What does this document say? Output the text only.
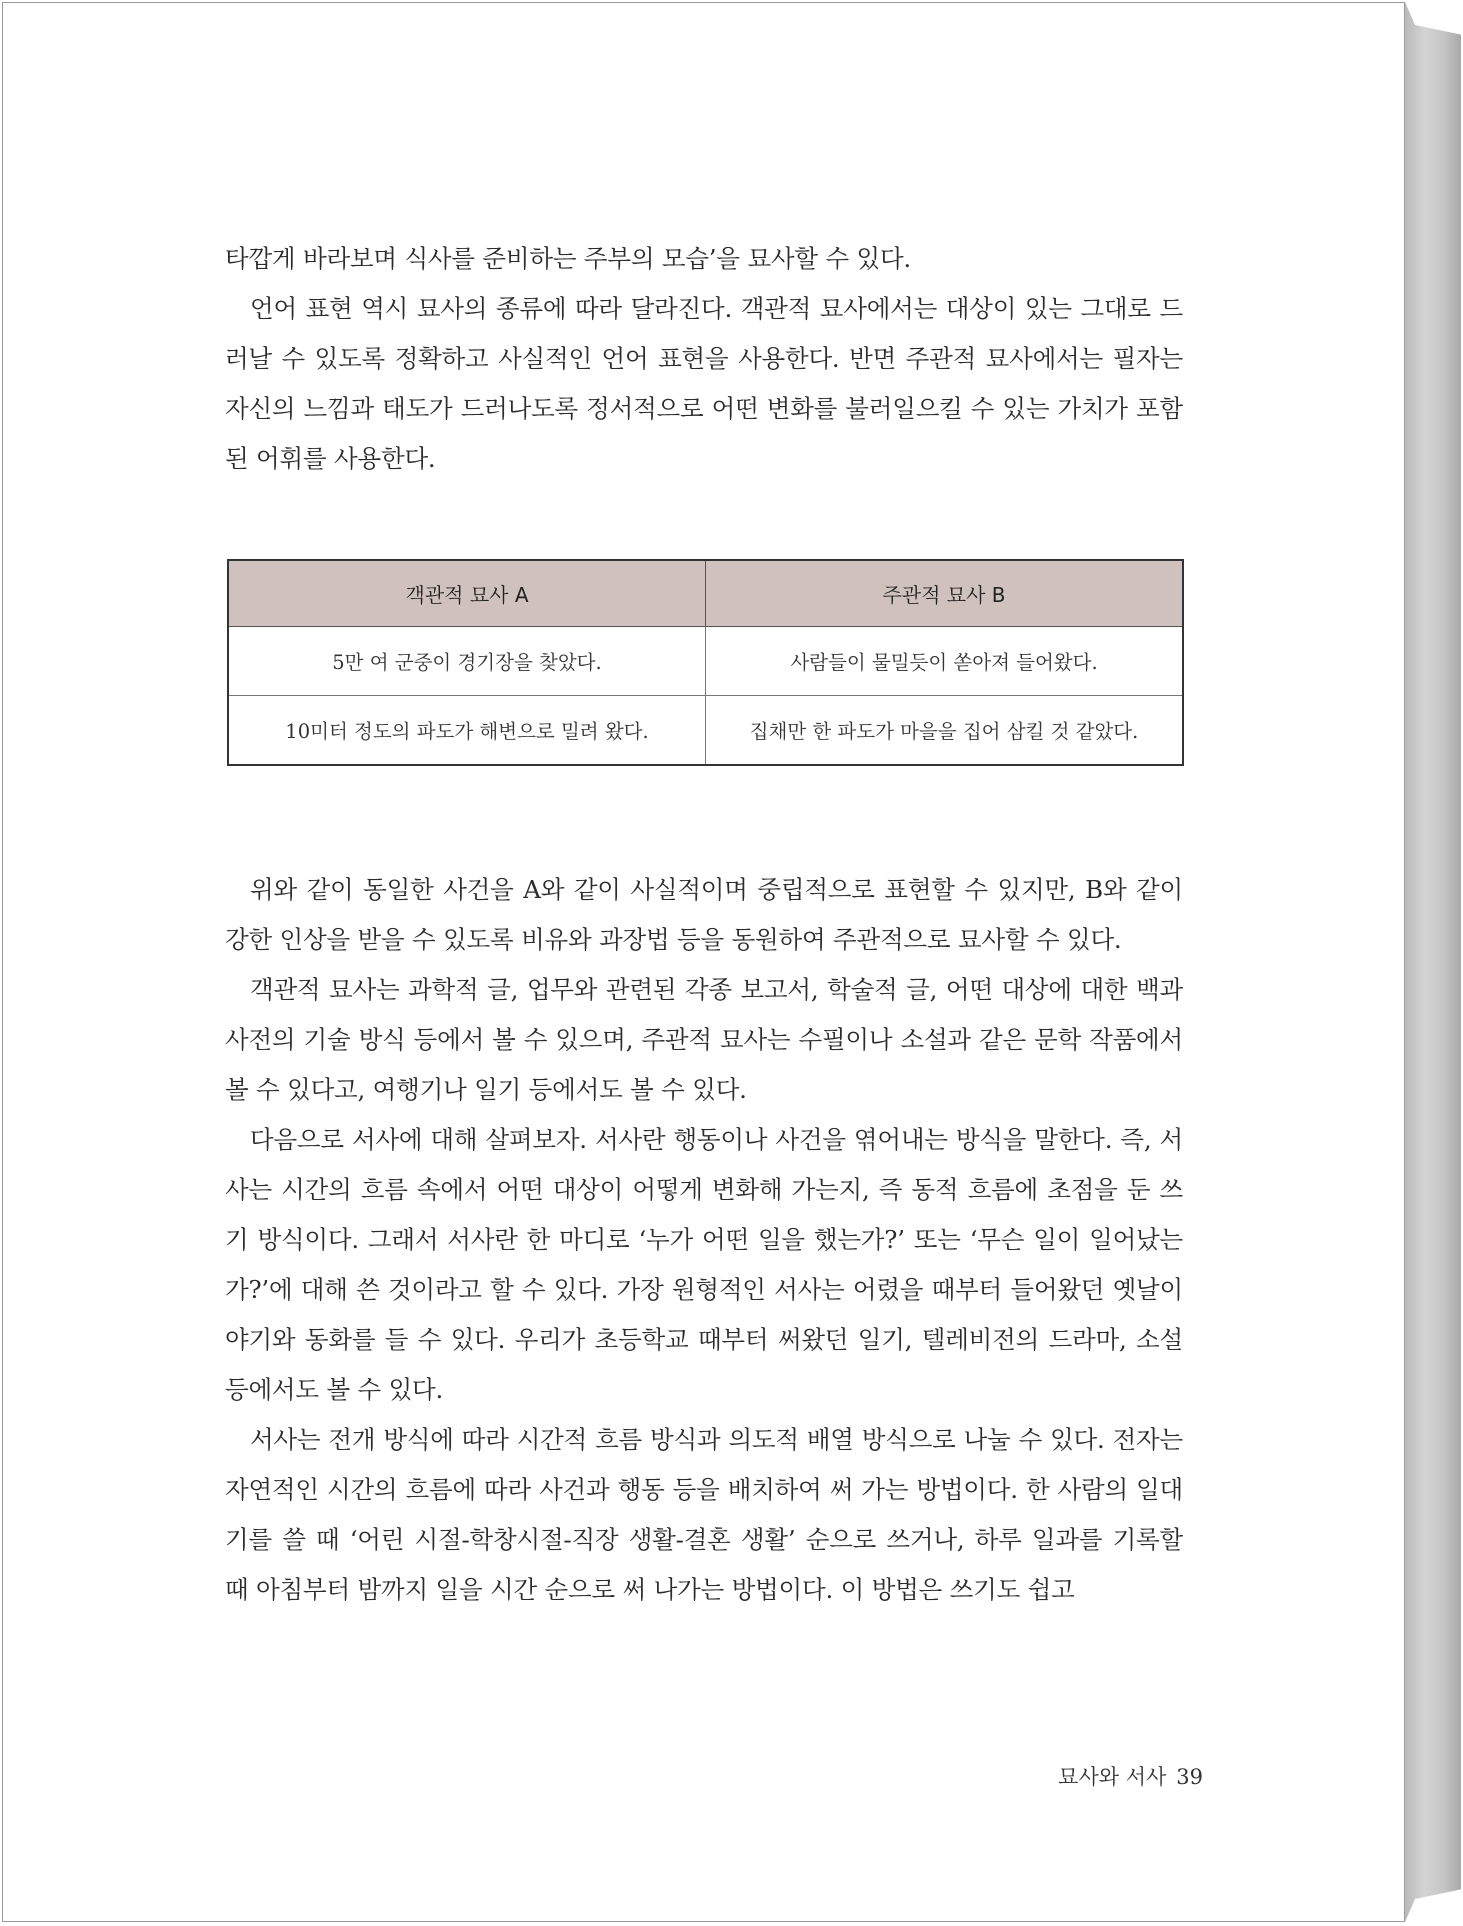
타깝게 바라보며 식사를 준비하는 주부의 모습’을 묘사할 수 있다.

언어 표현 역시 묘사의 종류에 따라 달라진다. 객관적 묘사에서는 대상이 있는 그대로 드러날 수 있도록 정확하고 사실적인 언어 표현을 사용한다. 반면 주관적 묘사에서는 필자는 자신의 느낌과 태도가 드러나도록 정서적으로 어떤 변화를 불러일으킬 수 있는 가치가 포함된 어휘를 사용한다.

객관적 묘사 A	주관적 묘사 B
5만 여 군중이 경기장을 찾았다.	사람들이 물밀듯이 쏟아져 들어왔다.
10미터 정도의 파도가 해변으로 밀려 왔다.	집채만 한 파도가 마을을 집어 삼킬 것 같았다.

위와 같이 동일한 사건을 A와 같이 사실적이며 중립적으로 표현할 수 있지만, B와 같이 강한 인상을 받을 수 있도록 비유와 과장법 등을 동원하여 주관적으로 묘사할 수 있다.

객관적 묘사는 과학적 글, 업무와 관련된 각종 보고서, 학술적 글, 어떤 대상에 대한 백과사전의 기술 방식 등에서 볼 수 있으며, 주관적 묘사는 수필이나 소설과 같은 문학 작품에서 볼 수 있다고, 여행기나 일기 등에서도 볼 수 있다.

다음으로 서사에 대해 살펴보자. 서사란 행동이나 사건을 엮어내는 방식을 말한다. 즉, 서사는 시간의 흐름 속에서 어떤 대상이 어떻게 변화해 가는지, 즉 동적 흐름에 초점을 둔 쓰기 방식이다. 그래서 서사란 한 마디로 ‘누가 어떤 일을 했는가?’ 또는 ‘무슨 일이 일어났는가?’에 대해 쓴 것이라고 할 수 있다. 가장 원형적인 서사는 어렸을 때부터 들어왔던 옛날이야기와 동화를 들 수 있다. 우리가 초등학교 때부터 써왔던 일기, 텔레비전의 드라마, 소설 등에서도 볼 수 있다.

서사는 전개 방식에 따라 시간적 흐름 방식과 의도적 배열 방식으로 나눌 수 있다. 전자는 자연적인 시간의 흐름에 따라 사건과 행동 등을 배치하여 써 가는 방법이다. 한 사람의 일대기를 쓸 때 ‘어린 시절-학창시절-직장 생활-결혼 생활’ 순으로 쓰거나, 하루 일과를 기록할 때 아침부터 밤까지 일을 시간 순으로 써 나가는 방법이다. 이 방법은 쓰기도 쉽고

묘사와 서사 39
